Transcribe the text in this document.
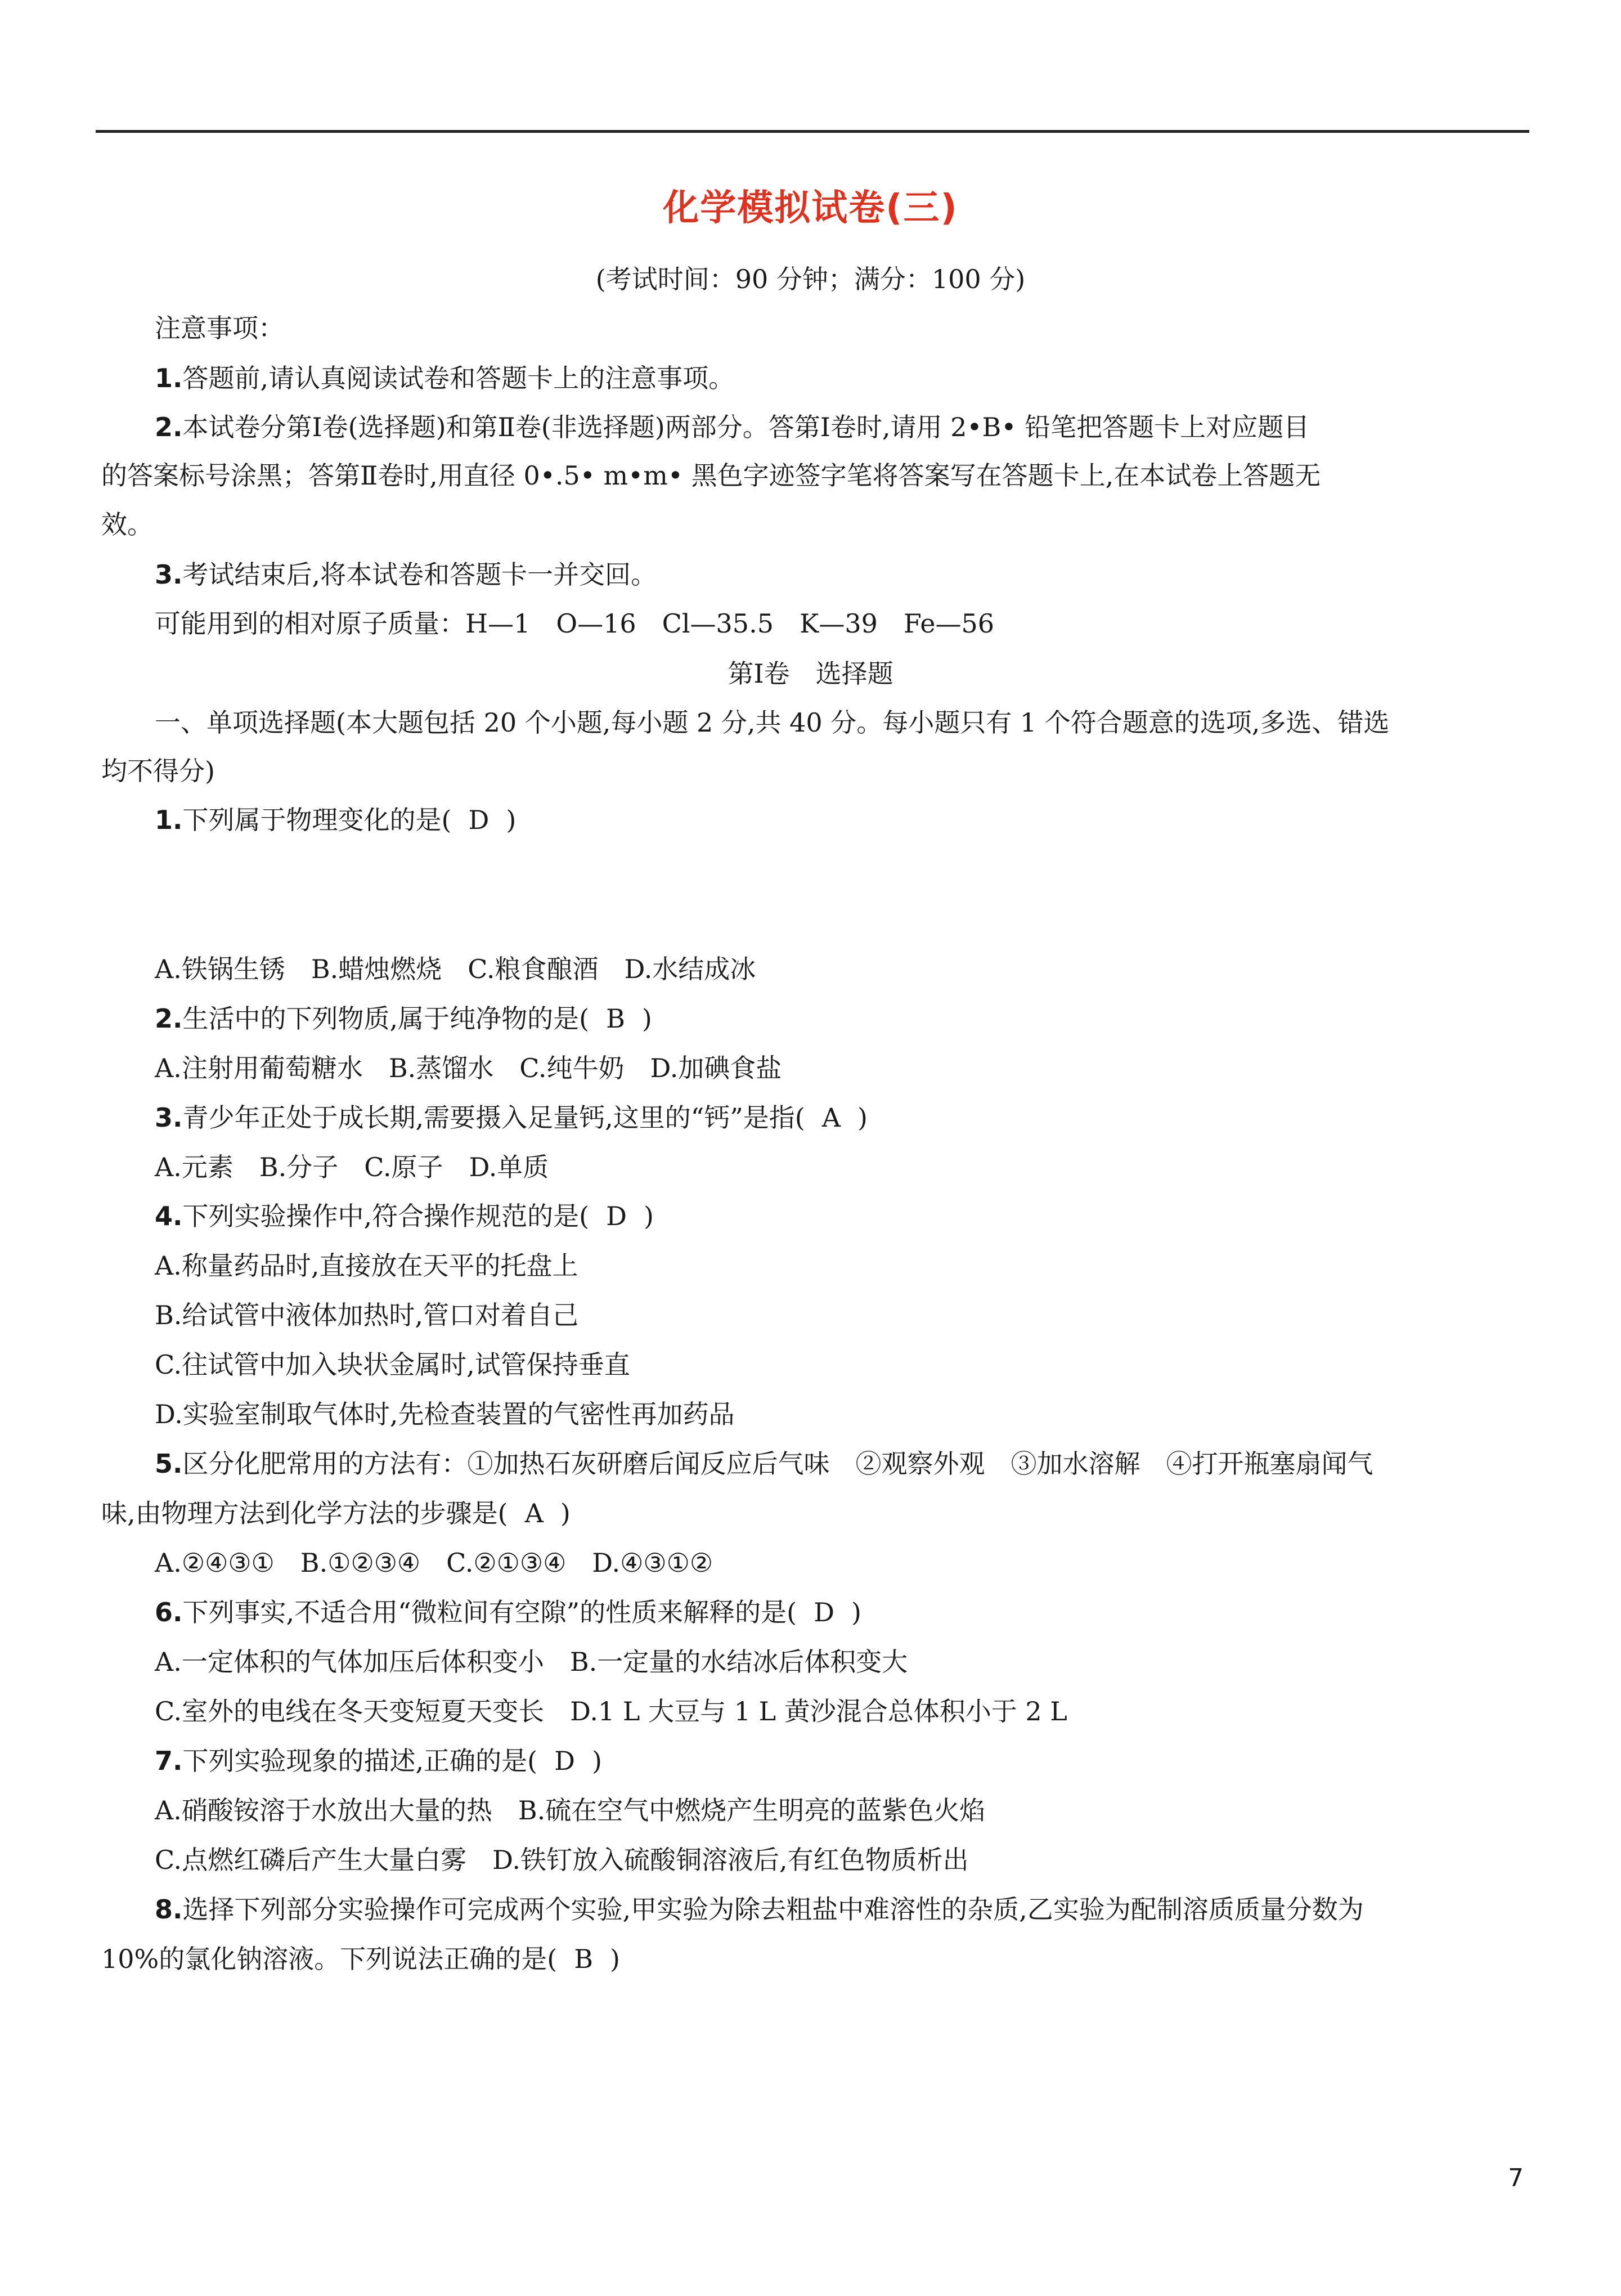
化学模拟试卷(三)
(考试时间：90 分钟；满分：100 分)
注意事项：
1.答题前,请认真阅读试卷和答题卡上的注意事项。
2.本试卷分第Ⅰ卷(选择题)和第Ⅱ卷(非选择题)两部分。答第Ⅰ卷时,请用 2•B• 铅笔把答题卡上对应题目
的答案标号涂黑；答第Ⅱ卷时,用直径 0•.5• m•m• 黑色字迹签字笔将答案写在答题卡上,在本试卷上答题无
效。
3.考试结束后,将本试卷和答题卡一并交回。
可能用到的相对原子质量：H—1　O—16　Cl—35.5　K—39　Fe—56
第Ⅰ卷　选择题
一、单项选择题(本大题包括 20 个小题,每小题 2 分,共 40 分。每小题只有 1 个符合题意的选项,多选、错选
均不得分)
1.下列属于物理变化的是( D )
A.铁锅生锈　B.蜡烛燃烧　C.粮食酿酒　D.水结成冰
2.生活中的下列物质,属于纯净物的是( B )
A.注射用葡萄糖水　B.蒸馏水　C.纯牛奶　D.加碘食盐
3.青少年正处于成长期,需要摄入足量钙,这里的“钙”是指( A )
A.元素　B.分子　C.原子　D.单质
4.下列实验操作中,符合操作规范的是( D )
A.称量药品时,直接放在天平的托盘上
B.给试管中液体加热时,管口对着自己
C.往试管中加入块状金属时,试管保持垂直
D.实验室制取气体时,先检查装置的气密性再加药品
5.区分化肥常用的方法有：①加热石灰研磨后闻反应后气味　②观察外观　③加水溶解　④打开瓶塞扇闻气
味,由物理方法到化学方法的步骤是( A )
A.②④③①　B.①②③④　C.②①③④　D.④③①②
6.下列事实,不适合用“微粒间有空隙”的性质来解释的是( D )
A.一定体积的气体加压后体积变小　B.一定量的水结冰后体积变大
C.室外的电线在冬天变短夏天变长　D.1 L 大豆与 1 L 黄沙混合总体积小于 2 L
7.下列实验现象的描述,正确的是( D )
A.硝酸铵溶于水放出大量的热　B.硫在空气中燃烧产生明亮的蓝紫色火焰
C.点燃红磷后产生大量白雾　D.铁钉放入硫酸铜溶液后,有红色物质析出
8.选择下列部分实验操作可完成两个实验,甲实验为除去粗盐中难溶性的杂质,乙实验为配制溶质质量分数为
10%的氯化钠溶液。下列说法正确的是( B )
7
